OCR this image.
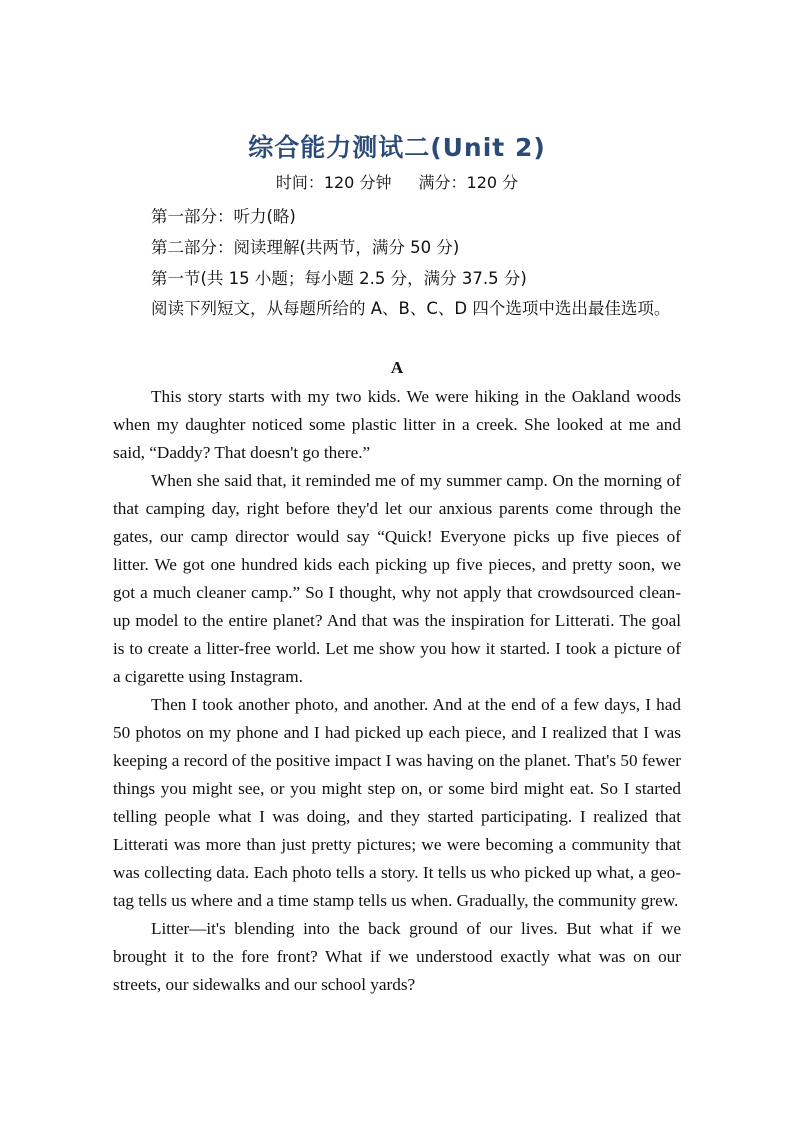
综合能力测试二(Unit 2)
时间：120 分钟 满分：120 分
第一部分：听力(略)
第二部分：阅读理解(共两节，满分 50 分)
第一节(共 15 小题；每小题 2.5 分，满分 37.5 分)
阅读下列短文，从每题所给的 A、B、C、D 四个选项中选出最佳选项。
A

This story starts with my two kids. We were hiking in the Oakland woods when my daughter noticed some plastic litter in a creek. She looked at me and said, “Daddy? That doesn't go there.”

When she said that, it reminded me of my summer camp. On the morning of that camping day, right before they'd let our anxious parents come through the gates, our camp director would say “Quick! Everyone picks up five pieces of litter. We got one hundred kids each picking up five pieces, and pretty soon, we got a much cleaner camp.” So I thought, why not apply that crowdsourced clean-up model to the entire planet? And that was the inspiration for Litterati. The goal is to create a litter-free world. Let me show you how it started. I took a picture of a cigarette using Instagram.

Then I took another photo, and another. And at the end of a few days, I had 50 photos on my phone and I had picked up each piece, and I realized that I was keeping a record of the positive impact I was having on the planet. That's 50 fewer things you might see, or you might step on, or some bird might eat. So I started telling people what I was doing, and they started participating. I realized that Litterati was more than just pretty pictures; we were becoming a community that was collecting data. Each photo tells a story. It tells us who picked up what, a geo-tag tells us where and a time stamp tells us when. Gradually, the community grew.

Litter—it's blending into the back ground of our lives. But what if we brought it to the fore front? What if we understood exactly what was on our streets, our sidewalks and our school yards?
